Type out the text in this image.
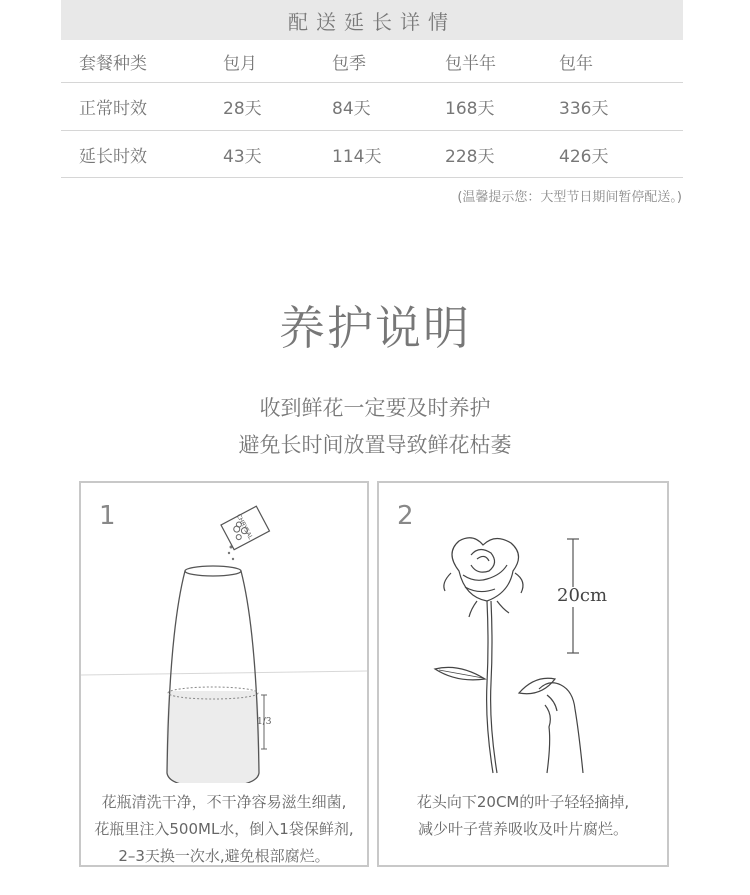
配送延长详情
套餐种类	包月	包季	包半年	包年
正常时效	28天	84天	168天	336天
延长时效	43天	114天	228天	426天
(温馨提示您：大型节日期间暂停配送。)
养护说明
收到鲜花一定要及时养护
避免长时间放置导致鲜花枯萎
1	CHRYSAL
1/3
花瓶清洗干净，不干净容易滋生细菌,
花瓶里注入500ML水，倒入1袋保鲜剂,
2–3天换一次水,避免根部腐烂。
2
20cm
花头向下20CM的叶子轻轻摘掉,
减少叶子营养吸收及叶片腐烂。
